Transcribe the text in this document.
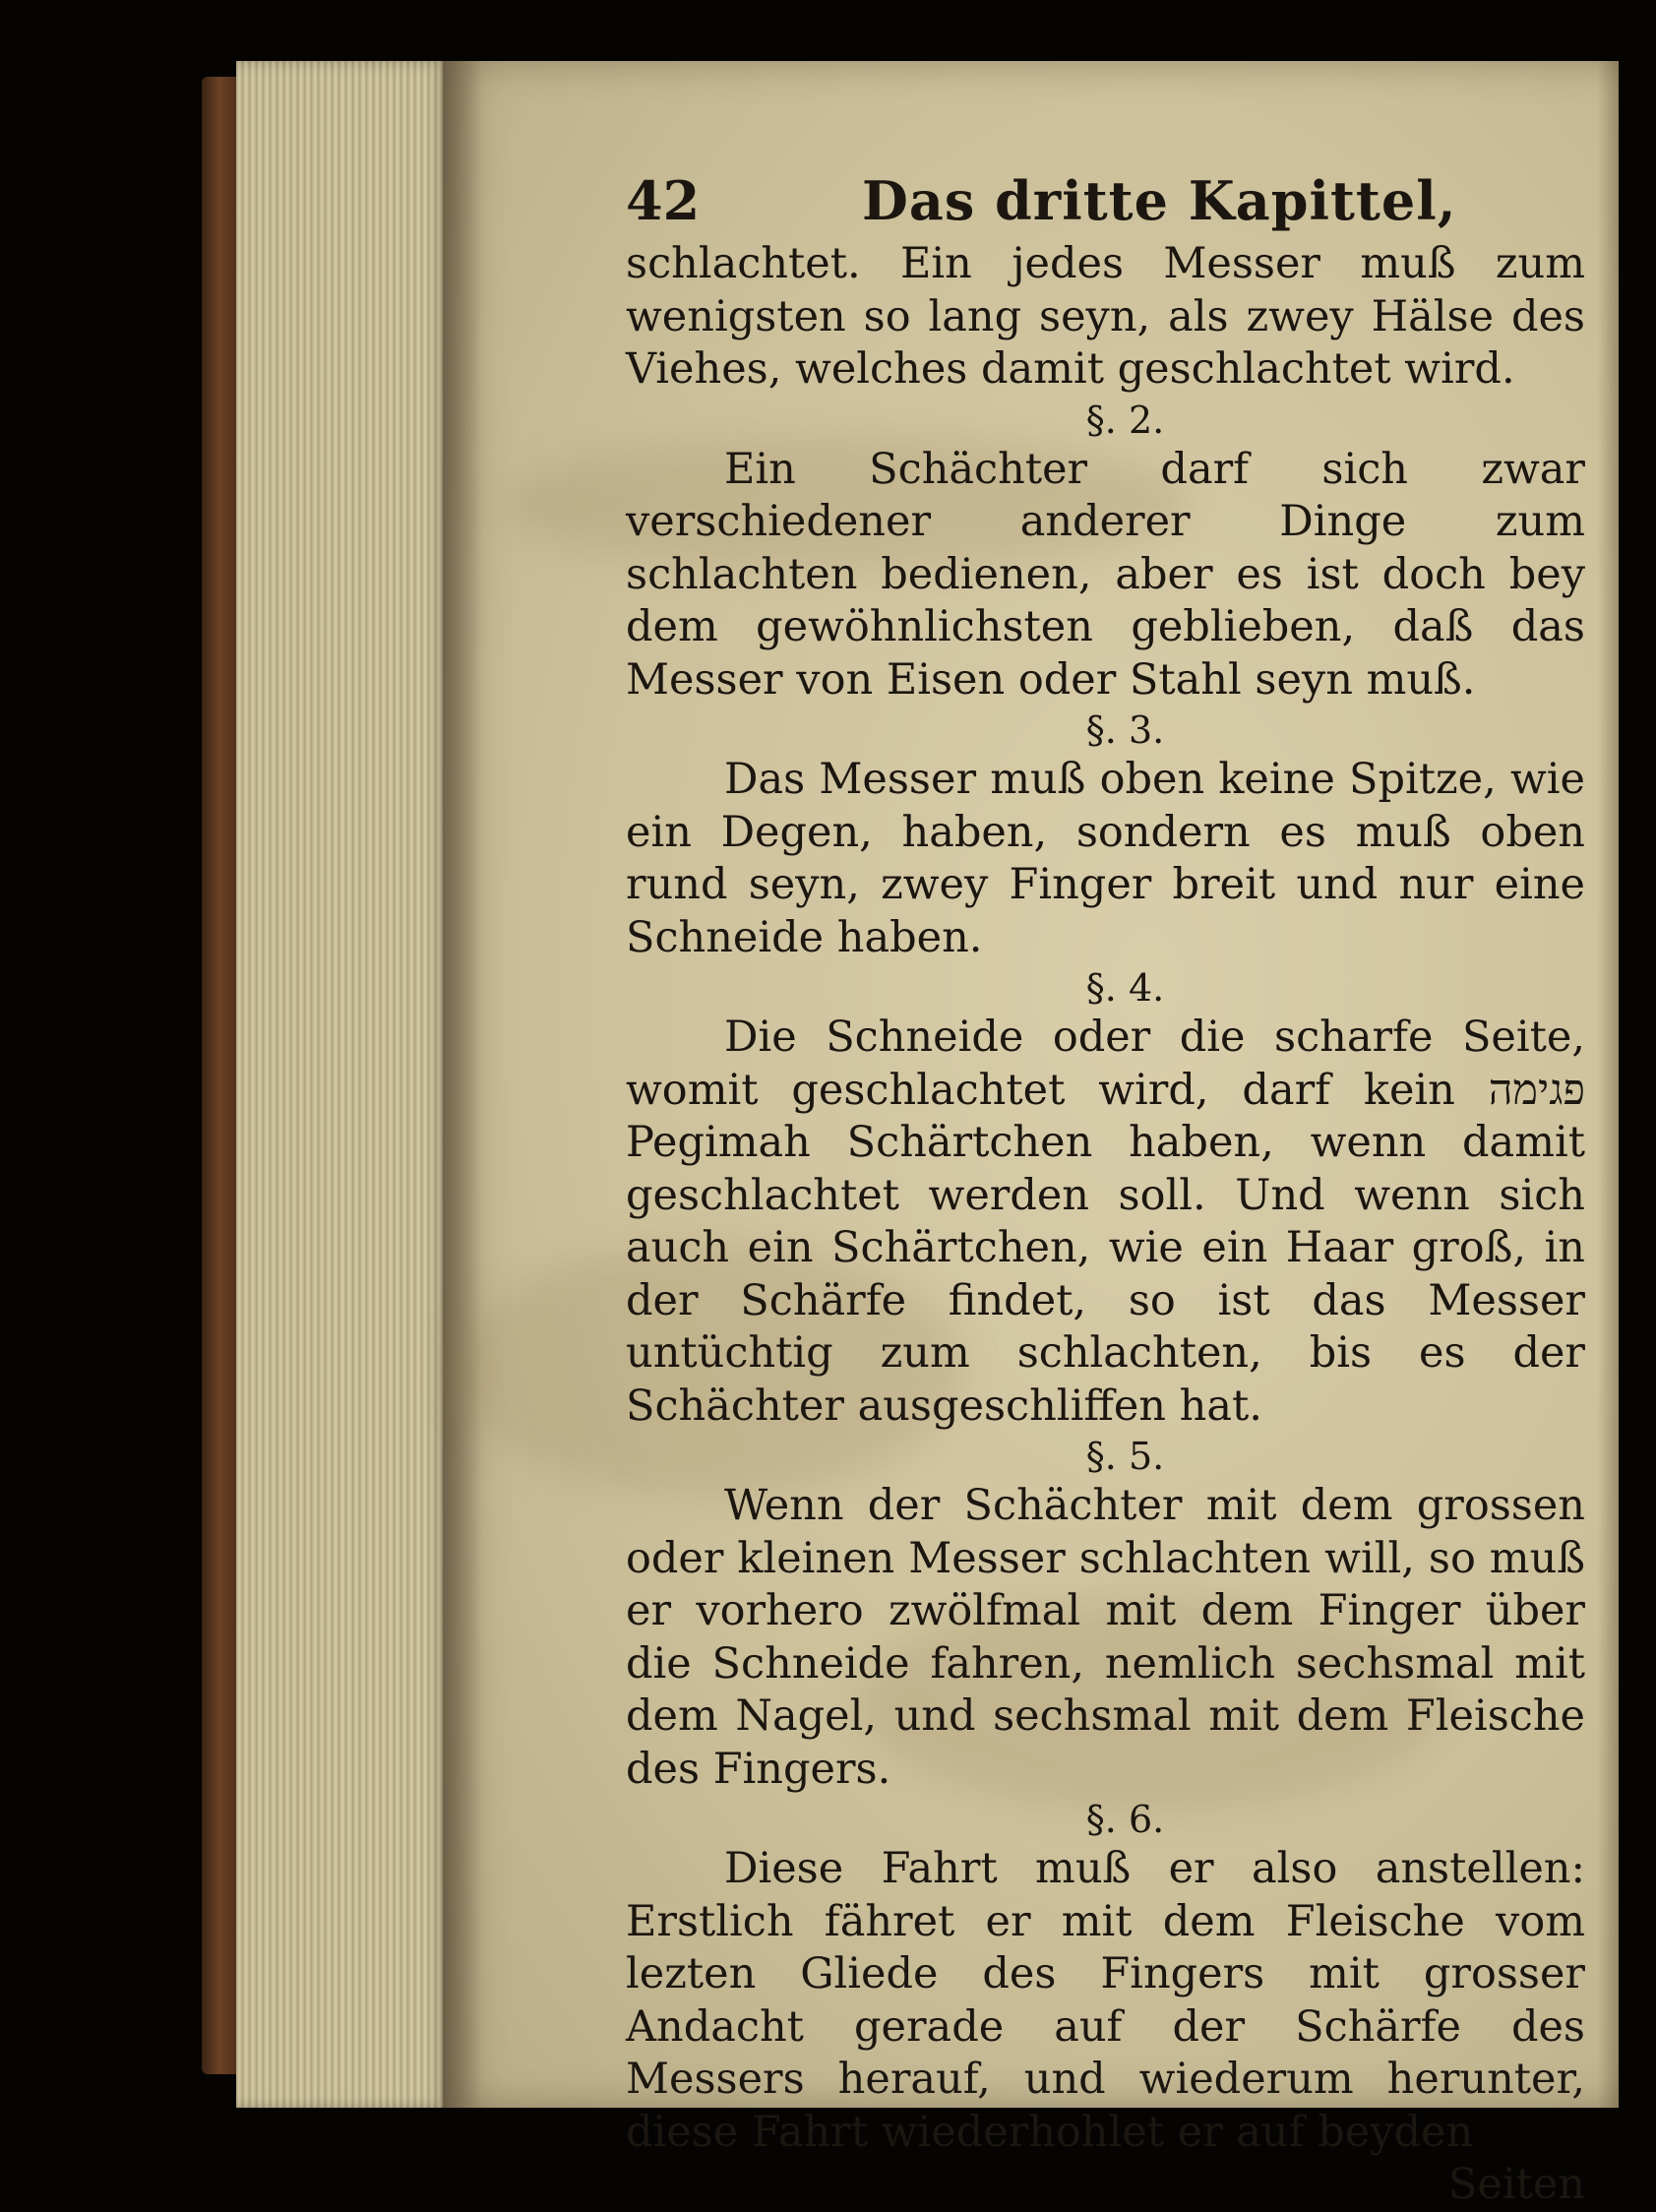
42	Das dritte Kapittel,

schlachtet. Ein jedes Messer muß zum wenigsten so lang seyn, als zwey Hälse des Viehes, welches damit geschlachtet wird.

§. 2.

Ein Schächter darf sich zwar verschiedener anderer Dinge zum schlachten bedienen, aber es ist doch bey dem gewöhnlichsten geblieben, daß das Messer von Eisen oder Stahl seyn muß.

§. 3.

Das Messer muß oben keine Spitze, wie ein Degen, haben, sondern es muß oben rund seyn, zwey Finger breit und nur eine Schneide haben.

§. 4.

Die Schneide oder die scharfe Seite, womit geschlachtet wird, darf kein פגימה Pegimah Schärtchen haben, wenn damit geschlachtet werden soll. Und wenn sich auch ein Schärtchen, wie ein Haar groß, in der Schärfe findet, so ist das Messer untüchtig zum schlachten, bis es der Schächter ausgeschliffen hat.

§. 5.

Wenn der Schächter mit dem grossen oder kleinen Messer schlachten will, so muß er vorhero zwölfmal mit dem Finger über die Schneide fahren, nemlich sechsmal mit dem Nagel, und sechsmal mit dem Fleische des Fingers.

§. 6.

Diese Fahrt muß er also anstellen: Erstlich fähret er mit dem Fleische vom lezten Gliede des Fingers mit grosser Andacht gerade auf der Schärfe des Messers herauf, und wiederum herunter, diese Fahrt wiederhohlet er auf beyden

Seiten
